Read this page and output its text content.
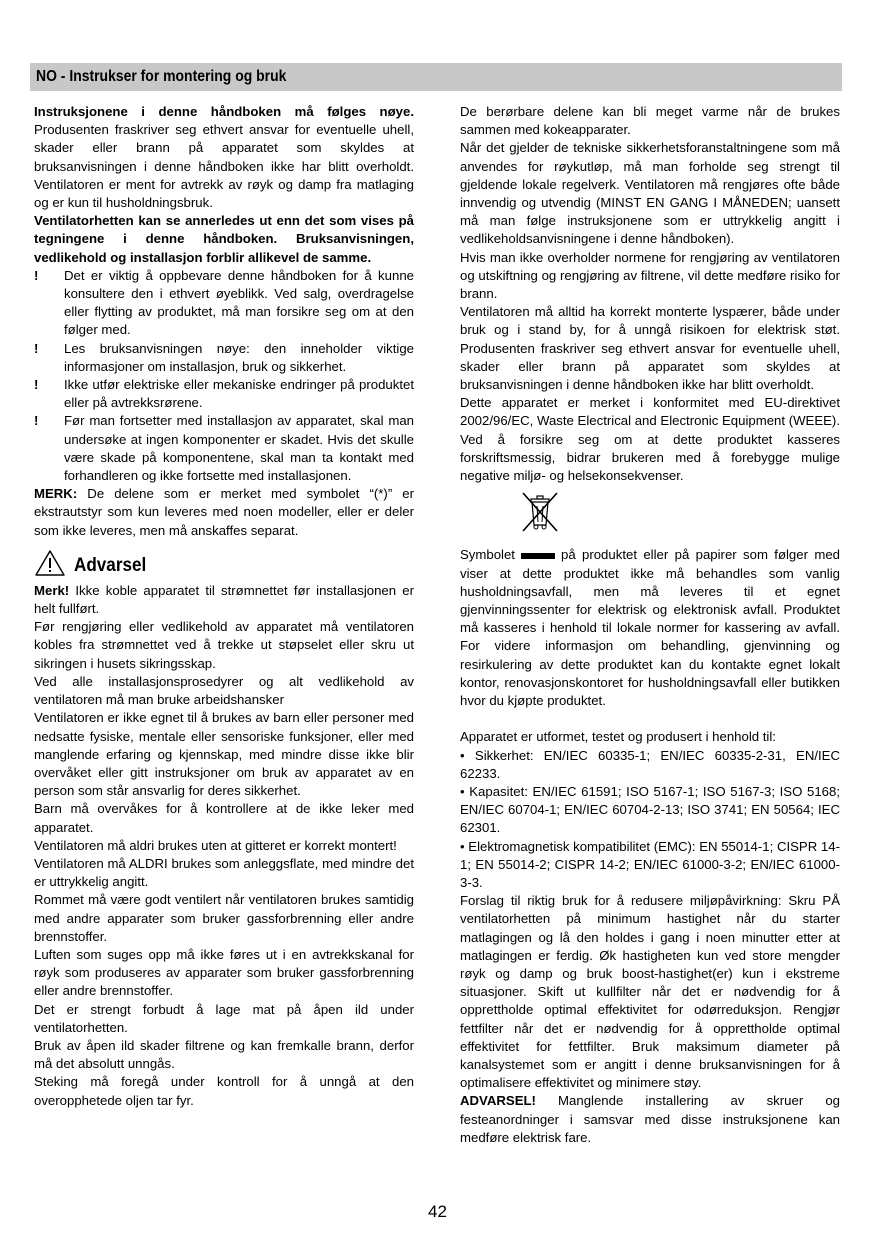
NO - Instrukser for montering og bruk

Instruksjonene i denne håndboken må følges nøye. Produsenten fraskriver seg ethvert ansvar for eventuelle uhell, skader eller brann på apparatet som skyldes at bruksanvisningen i denne håndboken ikke har blitt overholdt. Ventilatoren er ment for avtrekk av røyk og damp fra matlaging og er kun til husholdningsbruk.

Ventilatorhetten kan se annerledes ut enn det som vises på tegningene i denne håndboken. Bruksanvisningen, vedlikehold og installasjon forblir allikevel de samme.

!	Det er viktig å oppbevare denne håndboken for å kunne konsultere den i ethvert øyeblikk. Ved salg, overdragelse eller flytting av produktet, må man forsikre seg om at den følger med.
!	Les bruksanvisningen nøye: den inneholder viktige informasjoner om installasjon, bruk og sikkerhet.
!	Ikke utfør elektriske eller mekaniske endringer på produktet eller på avtrekksrørene.
!	Før man fortsetter med installasjon av apparatet, skal man undersøke at ingen komponenter er skadet. Hvis det skulle være skade på komponentene, skal man ta kontakt med forhandleren og ikke fortsette med installasjonen.

MERK: De delene som er merket med symbolet “(*)” er ekstrautstyr som kun leveres med noen modeller, eller er deler som ikke leveres, men må anskaffes separat.

Advarsel

Merk! Ikke koble apparatet til strømnettet før installasjonen er helt fullført.

Før rengjøring eller vedlikehold av apparatet må ventilatoren kobles fra strømnettet ved å trekke ut støpselet eller skru ut sikringen i husets sikringsskap.

Ved alle installasjonsprosedyrer og alt vedlikehold av ventilatoren må man bruke arbeidshansker

Ventilatoren er ikke egnet til å brukes av barn eller personer med nedsatte fysiske, mentale eller sensoriske funksjoner, eller med manglende erfaring og kjennskap, med mindre disse ikke blir overvåket eller gitt instruksjoner om bruk av apparatet av en person som står ansvarlig for deres sikkerhet.

Barn må overvåkes for å kontrollere at de ikke leker med apparatet.

Ventilatoren må aldri brukes uten at gitteret er korrekt montert!

Ventilatoren må ALDRI brukes som anleggsflate, med mindre det er uttrykkelig angitt.

Rommet må være godt ventilert når ventilatoren brukes samtidig med andre apparater som bruker gassforbrenning eller andre brennstoffer.

Luften som suges opp må ikke føres ut i en avtrekkskanal for røyk som produseres av apparater som bruker gassforbrenning eller andre brennstoffer.

Det er strengt forbudt å lage mat på åpen ild under ventilatorhetten.

Bruk av åpen ild skader filtrene og kan fremkalle brann, derfor må det absolutt unngås.

Steking må foregå under kontroll for å unngå at den overopphetede oljen tar fyr.

De berørbare delene kan bli meget varme når de brukes sammen med kokeapparater.

Når det gjelder de tekniske sikkerhetsforanstaltningene som må anvendes for røykutløp, må man forholde seg strengt til gjeldende lokale regelverk. Ventilatoren må rengjøres ofte både innvendig og utvendig (MINST EN GANG I MÅNEDEN; uansett må man følge instruksjonene som er uttrykkelig angitt i vedlikeholdsanvisningene i denne håndboken).

Hvis man ikke overholder normene for rengjøring av ventilatoren og utskiftning og rengjøring av filtrene, vil dette medføre risiko for brann.

Ventilatoren må alltid ha korrekt monterte lyspærer, både under bruk og i stand by, for å unngå risikoen for elektrisk støt. Produsenten fraskriver seg ethvert ansvar for eventuelle uhell, skader eller brann på apparatet som skyldes at bruksanvisningen i denne håndboken ikke har blitt overholdt.

Dette apparatet er merket i konformitet med EU-direktivet 2002/96/EC, Waste Electrical and Electronic Equipment (WEEE). Ved å forsikre seg om at dette produktet kasseres forskriftsmessig, bidrar brukeren med å forebygge mulige negative miljø- og helsekonsekvenser.

Symbolet	på produktet eller på papirer som følger med viser at dette produktet ikke må behandles som vanlig husholdningsavfall, men må leveres til et egnet gjenvinningssenter for elektrisk og elektronisk avfall. Produktet må kasseres i henhold til lokale normer for kassering av avfall. For videre informasjon om behandling, gjenvinning og resirkulering av dette produktet kan du kontakte egnet lokalt kontor, renovasjonskontoret for husholdningsavfall eller butikken hvor du kjøpte produktet.

Apparatet er utformet, testet og produsert i henhold til:

• Sikkerhet: EN/IEC 60335-1; EN/IEC 60335-2-31, EN/IEC 62233.

• Kapasitet: EN/IEC 61591; ISO 5167-1; ISO 5167-3; ISO 5168; EN/IEC 60704-1; EN/IEC 60704-2-13; ISO 3741; EN 50564; IEC 62301.

• Elektromagnetisk kompatibilitet (EMC): EN 55014-1; CISPR 14-1; EN 55014-2; CISPR 14-2; EN/IEC 61000-3-2; EN/IEC 61000-3-3.

Forslag til riktig bruk for å redusere miljøpåvirkning: Skru PÅ ventilatorhetten på minimum hastighet når du starter matlagingen og lå den holdes i gang i noen minutter etter at matlagingen er ferdig. Øk hastigheten kun ved store mengder røyk og damp og bruk boost-hastighet(er) kun i ekstreme situasjoner. Skift ut kullfilter når det er nødvendig for å opprettholde optimal effektivitet for odørreduksjon. Rengjør fettfilter når det er nødvendig for å opprettholde optimal effektivitet for fettfilter. Bruk maksimum diameter på kanalsystemet som er angitt i denne bruksanvisningen for å optimalisere effektivitet og minimere støy.

ADVARSEL! Manglende installering av skruer og festeanordninger i samsvar med disse instruksjonene kan medføre elektrisk fare.

42
